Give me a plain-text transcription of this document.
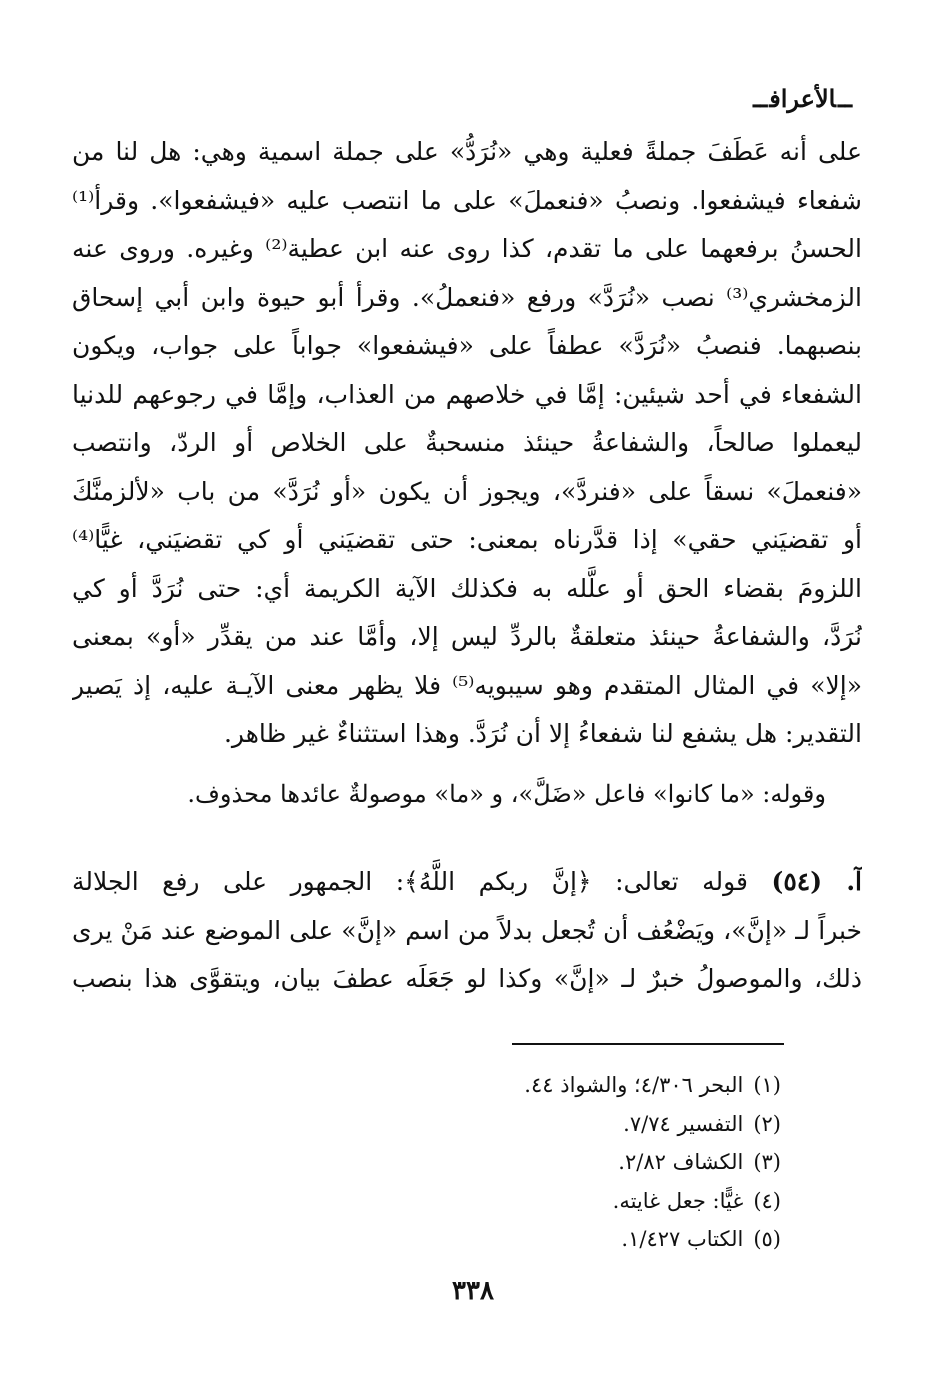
ــالأعرافــ
على أنه عَطَفَ جملةً فعلية وهي «نُرَدُّ» على جملة اسمية وهي: هل لنا من
شفعاء فيشفعوا. ونصبُ «فنعملَ» على ما انتصب عليه «فيشفعوا». وقرأ⁽¹⁾
الحسنُ برفعهما على ما تقدم، كذا روى عنه ابن عطية⁽²⁾ وغيره. وروى عنه
الزمخشري⁽³⁾ نصب «نُرَدَّ» ورفع «فنعملُ». وقرأ أبو حيوة وابن أبي إسحاق
بنصبهما. فنصبُ «نُرَدَّ» عطفاً على «فيشفعوا» جواباً على جواب، ويكون
الشفعاء في أحد شيئين: إمَّا في خلاصهم من العذاب، وإمَّا في رجوعهم للدنيا
ليعملوا صالحاً، والشفاعةُ حينئذ منسحبةٌ على الخلاص أو الردّ، وانتصب
«فنعملَ» نسقاً على «فنردَّ»، ويجوز أن يكون «أو نُرَدَّ» من باب «لألزمنَّكَ
أو تقضيَني حقي» إذا قدَّرناه بمعنى: حتى تقضيَني أو كي تقضيَني، غيًّا⁽⁴⁾
اللزومَ بقضاء الحق أو علَّله به فكذلك الآية الكريمة أي: حتى نُرَدَّ أو كي
نُرَدَّ، والشفاعةُ حينئذ متعلقةٌ بالردِّ ليس إلا، وأمَّا عند من يقدِّر «أو» بمعنى
«إلا» في المثال المتقدم وهو سيبويه⁽⁵⁾ فلا يظهر معنى الآيـة عليه، إذ يَصير
التقدير: هل يشفع لنا شفعاءُ إلا أن نُرَدَّ. وهذا استثناءٌ غير ظاهر.
وقوله: «ما كانوا» فاعل «ضَلَّ»، و «ما» موصولةٌ عائدها محذوف.
آ. (٥٤) قوله تعالى: ﴿إنَّ ربكم اللَّهُ﴾: الجمهور على رفع الجلالة
خبراً لـ «إنَّ»، ويَضْعُف أن تُجعل بدلاً من اسم «إنَّ» على الموضع عند مَنْ يرى
ذلك، والموصولُ خبرٌ لـ «إنَّ» وكذا لو جَعَلَه عطفَ بيان، ويتقوَّى هذا بنصب
(١)البحر ٤/٣٠٦؛ والشواذ ٤٤.
(٢)التفسير ٧/٧٤.
(٣)الكشاف ٢/٨٢.
(٤)غيًّا: جعل غايته.
(٥)الكتاب ١/٤٢٧.
٣٣٨
